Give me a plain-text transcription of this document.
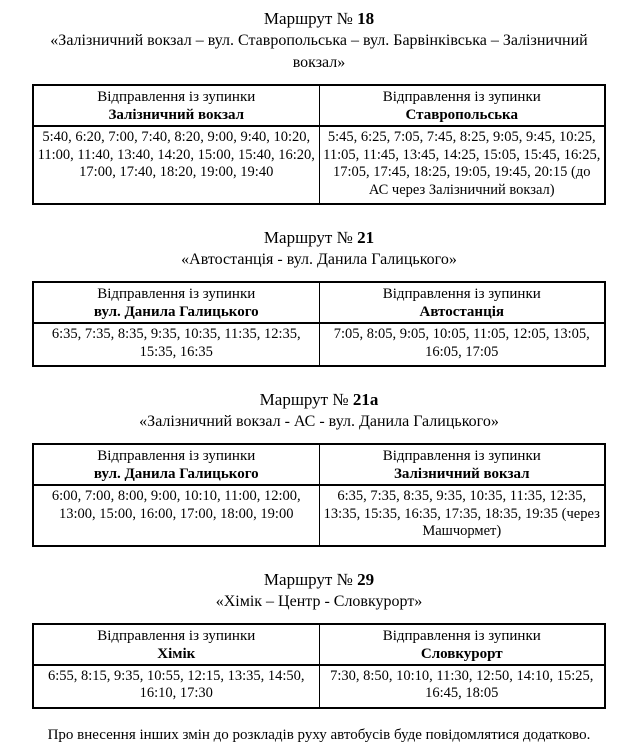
Маршрут № 18

«Залізничний вокзал – вул. Ставропольська – вул. Барвінківська – Залізничний вокзал»

Відправлення із зупинки
Залізничний вокзал

Відправлення із зупинки
Ставропольська

5:40, 6:20, 7:00, 7:40, 8:20, 9:00, 9:40, 10:20, 11:00, 11:40, 13:40, 14:20, 15:00, 15:40, 16:20, 17:00, 17:40, 18:20, 19:00, 19:40	5:45, 6:25, 7:05, 7:45, 8:25, 9:05, 9:45, 10:25, 11:05, 11:45, 13:45, 14:25, 15:05, 15:45, 16:25, 17:05, 17:45, 18:25, 19:05, 19:45, 20:15 (до АС через Залізничний вокзал)
Маршрут № 21

«Автостанція - вул. Данила Галицького»

Відправлення із зупинки
вул. Данила Галицького

Відправлення із зупинки
Автостанція

6:35, 7:35, 8:35, 9:35, 10:35, 11:35, 12:35, 15:35, 16:35	7:05, 8:05, 9:05, 10:05, 11:05, 12:05, 13:05, 16:05, 17:05
Маршрут № 21а

«Залізничний вокзал - АС - вул. Данила Галицького»

Відправлення із зупинки
вул. Данила Галицького

Відправлення із зупинки
Залізничний вокзал

6:00, 7:00, 8:00, 9:00, 10:10, 11:00, 12:00, 13:00, 15:00, 16:00, 17:00, 18:00, 19:00	6:35, 7:35, 8:35, 9:35, 10:35, 11:35, 12:35, 13:35, 15:35, 16:35, 17:35, 18:35, 19:35 (через Машчормет)
Маршрут № 29

«Хімік – Центр - Словкурорт»

Відправлення із зупинки
Хімік

Відправлення із зупинки
Словкурорт

6:55, 8:15, 9:35, 10:55, 12:15, 13:35, 14:50, 16:10, 17:30	7:30, 8:50, 10:10, 11:30, 12:50, 14:10, 15:25, 16:45, 18:05

Про внесення інших змін до розкладів руху автобусів буде повідомлятися додатково.
